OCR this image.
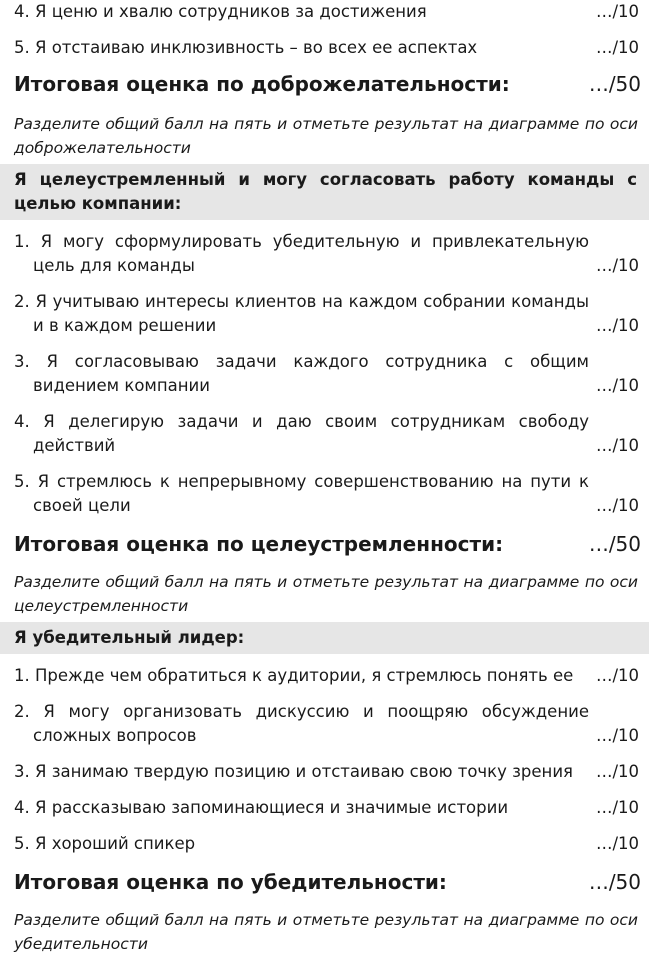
4. Я ценю и хвалю сотрудников за достижения	…/10
5. Я отстаиваю инклюзивность – во всех ее аспектах	…/10
Итоговая оценка по доброжелательности:	…/50
Разделите общий балл на пять и отметьте результат на диаграмме по оси доброжелательности
Я целеустремленный и могу согласовать работу команды с целью компании:
1. Я могу сформулировать убедительную и привлекательную цель для команды	…/10
2. Я учитываю интересы клиентов на каждом собрании команды и в каждом решении	…/10
3. Я согласовываю задачи каждого сотрудника с общим видением компании	…/10
4. Я делегирую задачи и даю своим сотрудникам свободу действий	…/10
5. Я стремлюсь к непрерывному совершенствованию на пути к своей цели	…/10
Итоговая оценка по целеустремленности:	…/50
Разделите общий балл на пять и отметьте результат на диаграмме по оси целеустремленности
Я убедительный лидер:
1. Прежде чем обратиться к аудитории, я стремлюсь понять ее	…/10
2. Я могу организовать дискуссию и поощряю обсуждение сложных вопросов	…/10
3. Я занимаю твердую позицию и отстаиваю свою точку зрения	…/10
4. Я рассказываю запоминающиеся и значимые истории	…/10
5. Я хороший спикер	…/10
Итоговая оценка по убедительности:	…/50
Разделите общий балл на пять и отметьте результат на диаграмме по оси убедительности
